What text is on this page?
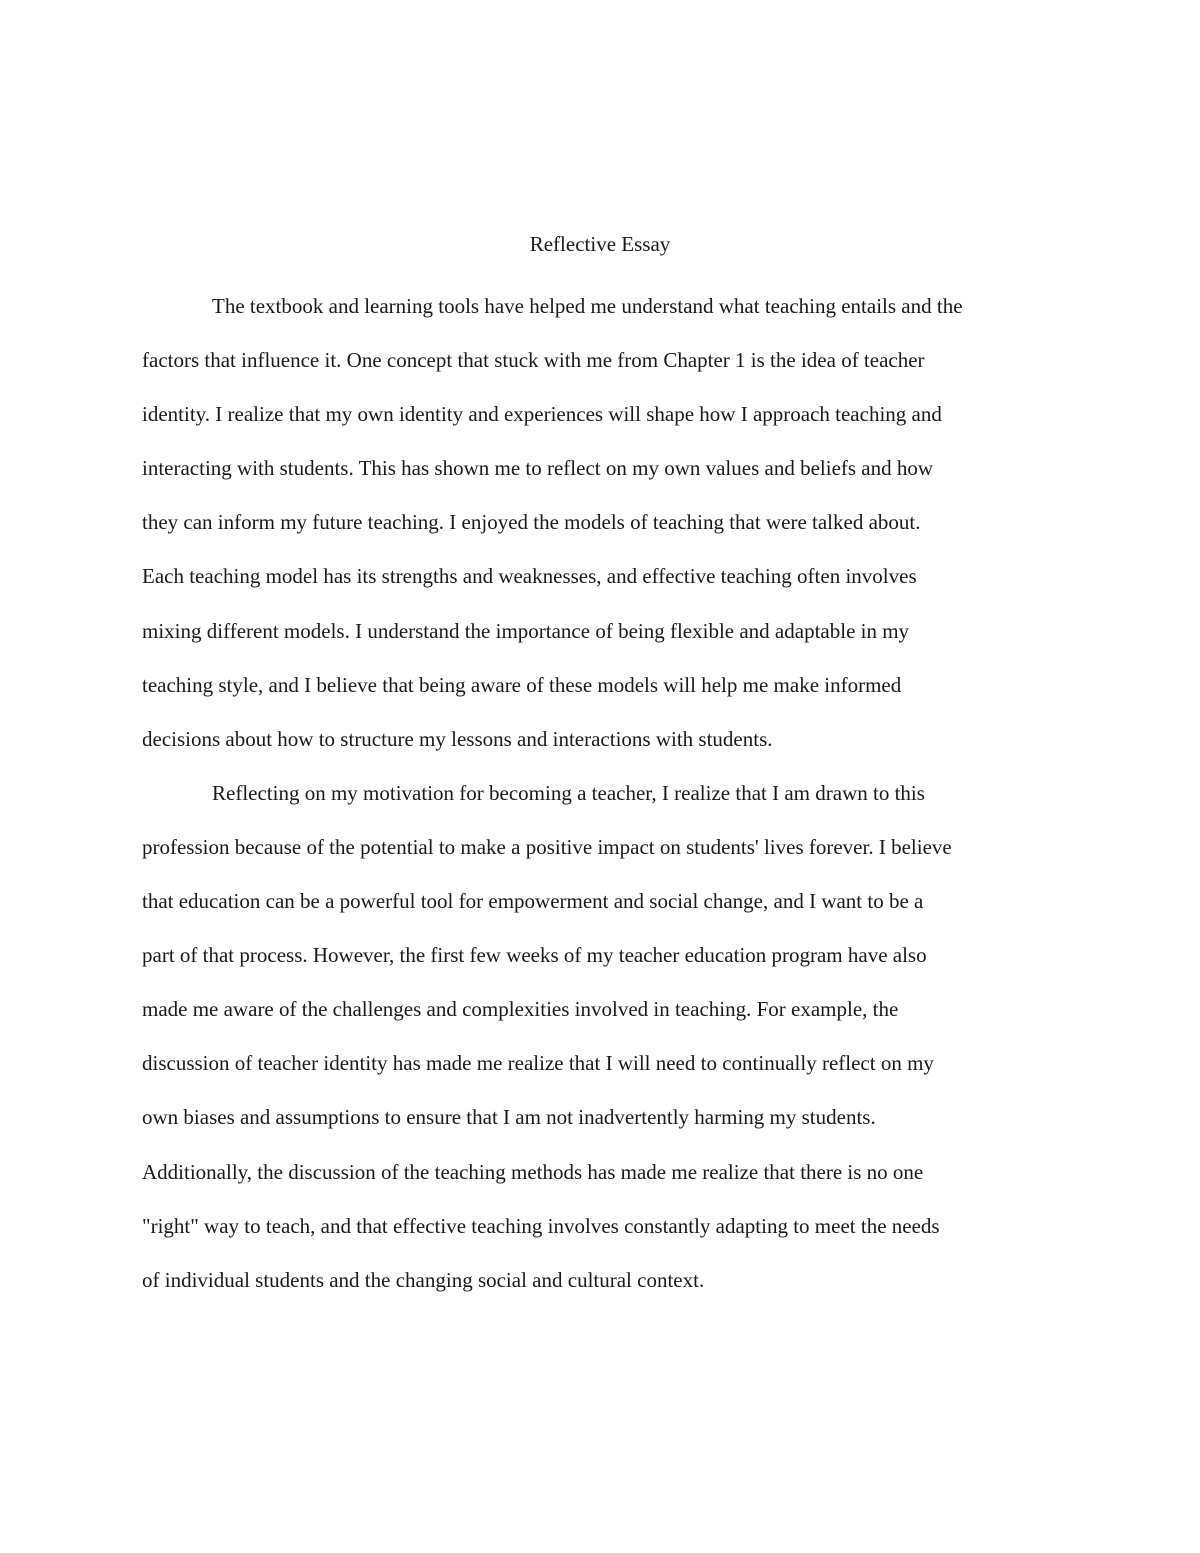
Reflective Essay

The textbook and learning tools have helped me understand what teaching entails and the
factors that influence it. One concept that stuck with me from Chapter 1 is the idea of teacher
identity. I realize that my own identity and experiences will shape how I approach teaching and
interacting with students. This has shown me to reflect on my own values and beliefs and how
they can inform my future teaching. I enjoyed the models of teaching that were talked about.
Each teaching model has its strengths and weaknesses, and effective teaching often involves
mixing different models. I understand the importance of being flexible and adaptable in my
teaching style, and I believe that being aware of these models will help me make informed
decisions about how to structure my lessons and interactions with students.

Reflecting on my motivation for becoming a teacher, I realize that I am drawn to this
profession because of the potential to make a positive impact on students' lives forever. I believe
that education can be a powerful tool for empowerment and social change, and I want to be a
part of that process. However, the first few weeks of my teacher education program have also
made me aware of the challenges and complexities involved in teaching. For example, the
discussion of teacher identity has made me realize that I will need to continually reflect on my
own biases and assumptions to ensure that I am not inadvertently harming my students.
Additionally, the discussion of the teaching methods has made me realize that there is no one
"right" way to teach, and that effective teaching involves constantly adapting to meet the needs
of individual students and the changing social and cultural context.
